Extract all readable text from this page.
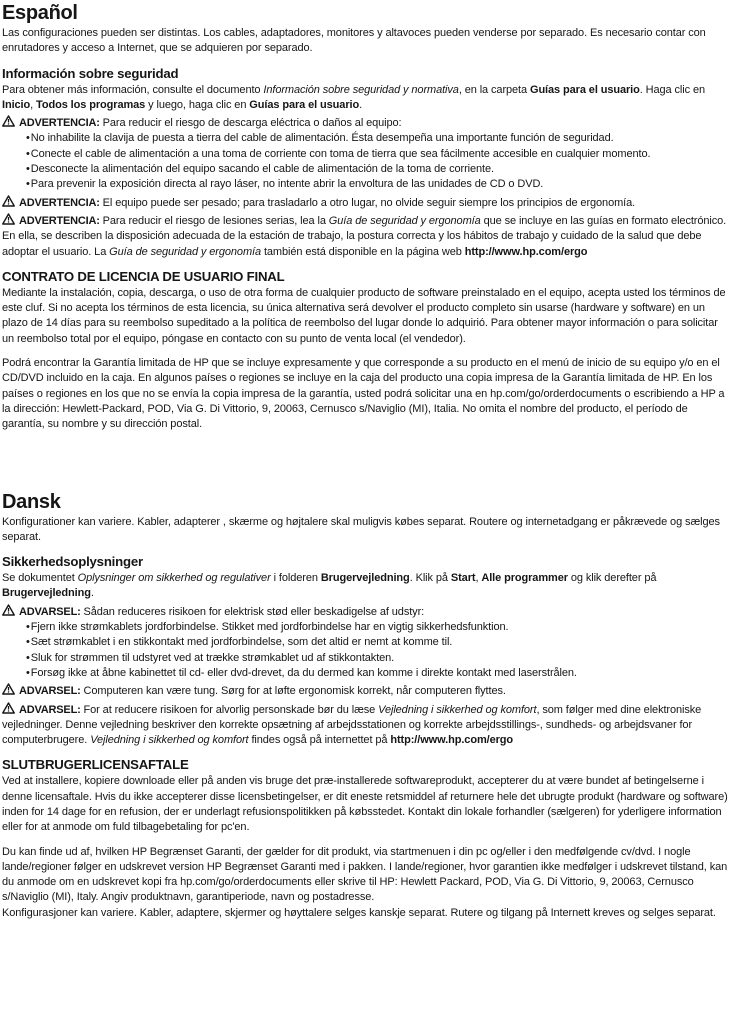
Español

Las configuraciones pueden ser distintas. Los cables, adaptadores, monitores y altavoces pueden venderse por separado. Es necesario contar con enrutadores y acceso a Internet, que se adquieren por separado.

Información sobre seguridad

Para obtener más información, consulte el documento Información sobre seguridad y normativa, en la carpeta Guías para el usuario. Haga clic en Inicio, Todos los programas y luego, haga clic en Guías para el usuario.

ADVERTENCIA: Para reducir el riesgo de descarga eléctrica o daños al equipo:

• No inhabilite la clavija de puesta a tierra del cable de alimentación. Ésta desempeña una importante función de seguridad.
• Conecte el cable de alimentación a una toma de corriente con toma de tierra que sea fácilmente accesible en cualquier momento.
• Desconecte la alimentación del equipo sacando el cable de alimentación de la toma de corriente.
• Para prevenir la exposición directa al rayo láser, no intente abrir la envoltura de las unidades de CD o DVD.

ADVERTENCIA: El equipo puede ser pesado; para trasladarlo a otro lugar, no olvide seguir siempre los principios de ergonomía.

ADVERTENCIA: Para reducir el riesgo de lesiones serias, lea la Guía de seguridad y ergonomía que se incluye en las guías en formato electrónico. En ella, se describen la disposición adecuada de la estación de trabajo, la postura correcta y los hábitos de trabajo y cuidado de la salud que debe adoptar el usuario. La Guía de seguridad y ergonomía también está disponible en la página web http://www.hp.com/ergo

CONTRATO DE LICENCIA DE USUARIO FINAL

Mediante la instalación, copia, descarga, o uso de otra forma de cualquier producto de software preinstalado en el equipo, acepta usted los términos de este cluf. Si no acepta los términos de esta licencia, su única alternativa será devolver el producto completo sin usarse (hardware y software) en un plazo de 14 días para su reembolso supeditado a la política de reembolso del lugar donde lo adquirió. Para obtener mayor información o para solicitar un reembolso total por el equipo, póngase en contacto con su punto de venta local (el vendedor).

Podrá encontrar la Garantía limitada de HP que se incluye expresamente y que corresponde a su producto en el menú de inicio de su equipo y/o en el CD/DVD incluido en la caja. En algunos países o regiones se incluye en la caja del producto una copia impresa de la Garantía limitada de HP. En los países o regiones en los que no se envía la copia impresa de la garantía, usted podrá solicitar una en hp.com/go/orderdocuments o escribiendo a HP a la dirección: Hewlett-Packard, POD, Via G. Di Vittorio, 9, 20063, Cernusco s/Naviglio (MI), Italia. No omita el nombre del producto, el período de garantía, su nombre y su dirección postal.

Dansk

Konfigurationer kan variere. Kabler, adapterer , skærme og højtalere skal muligvis købes separat. Routere og internetadgang er påkrævede og sælges separat.

Sikkerhedsoplysninger

Se dokumentet Oplysninger om sikkerhed og regulativer i folderen Brugervejledning. Klik på Start, Alle programmer og klik derefter på Brugervejledning.

ADVARSEL: Sådan reduceres risikoen for elektrisk stød eller beskadigelse af udstyr:

• Fjern ikke strømkablets jordforbindelse. Stikket med jordforbindelse har en vigtig sikkerhedsfunktion.
• Sæt strømkablet i en stikkontakt med jordforbindelse, som det altid er nemt at komme til.
• Sluk for strømmen til udstyret ved at trække strømkablet ud af stikkontakten.
• Forsøg ikke at åbne kabinettet til cd- eller dvd-drevet, da du dermed kan komme i direkte kontakt med laserstrålen.

ADVARSEL: Computeren kan være tung. Sørg for at løfte ergonomisk korrekt, når computeren flyttes.

ADVARSEL: For at reducere risikoen for alvorlig personskade bør du læse Vejledning i sikkerhed og komfort, som følger med dine elektroniske vejledninger. Denne vejledning beskriver den korrekte opsætning af arbejdsstationen og korrekte arbejdsstillings-, sundheds- og arbejdsvaner for computerbrugere. Vejledning i sikkerhed og komfort findes også på internettet på http://www.hp.com/ergo

SLUTBRUGERLICENSAFTALE

Ved at installere, kopiere downloade eller på anden vis bruge det præ-installerede softwareprodukt, accepterer du at være bundet af betingelserne i denne licensaftale. Hvis du ikke accepterer disse licensbetingelser, er dit eneste retsmiddel af returnere hele det ubrugte produkt (hardware og software) inden for 14 dage for en refusion, der er underlagt refusionspolitikken på købsstedet. Kontakt din lokale forhandler (sælgeren) for yderligere information eller for at anmode om fuld tilbagebetaling for pc'en.

Du kan finde ud af, hvilken HP Begrænset Garanti, der gælder for dit produkt, via startmenuen i din pc og/eller i den medfølgende cv/dvd. I nogle lande/regioner følger en udskrevet version HP Begrænset Garanti med i pakken. I lande/regioner, hvor garantien ikke medfølger i udskrevet tilstand, kan du anmode om en udskrevet kopi fra hp.com/go/orderdocuments eller skrive til HP: Hewlett Packard, POD, Via G. Di Vittorio, 9, 20063, Cernusco s/Naviglio (MI), Italy. Angiv produktnavn, garantiperiode, navn og postadresse.

Konfigurasjoner kan variere. Kabler, adaptere, skjermer og høyttalere selges kanskje separat. Rutere og tilgang på Internett kreves og selges separat.
